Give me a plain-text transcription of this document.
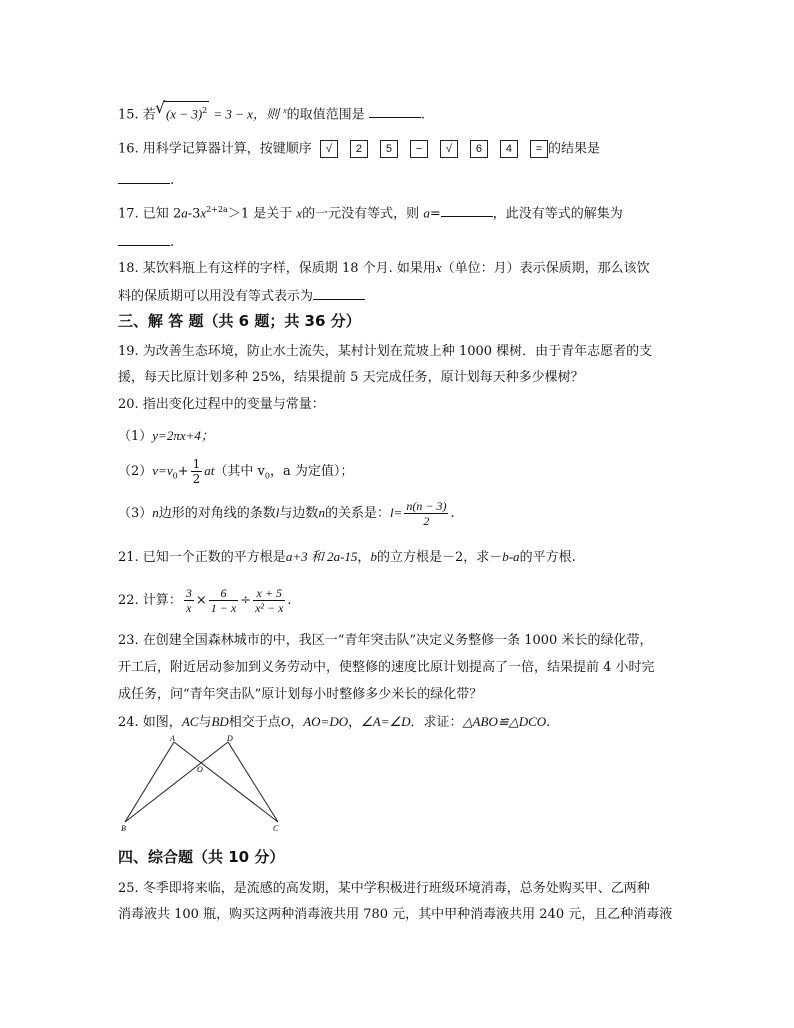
15. 若 √ $(x - 3)^2 = 3 - x$，则 $^x$的取值范围是	.
16. 用科学记算器计算，按键顺序 √ 2 5 − √ 6 4 = 的结果是
.
17. 已知 $2a-3x^{2+2a}>1$ 是关于 x的一元没有等式，则 a=	，此没有等式的解集为
.
18. 某饮料瓶上有这样的字样，保质期 18 个月. 如果用x（单位：月）表示保质期，那么该饮
料的保质期可以用没有等式表示为
三、解 答 题（共 6 题；共 36 分）
19. 为改善生态环境，防止水土流失，某村计划在荒坡上种 1000 棵树．由于青年志愿者的支
援，每天比原计划多种 25%，结果提前 5 天完成任务，原计划每天种多少棵树？
20. 指出变化过程中的变量与常量：
（1）y=2πx+4；
$(2)v=v_0+ \frac{1}{2} at$（其中 $v_0$，a 为定值）；
（3）n边形的对角线的条数l与边数n的关系是：$l= \frac{n(n - 3)}{2}$ .
21. 已知一个正数的平方根是a+3 和 2a-15，b的立方根是－2，求－b-a的平方根.
22. 计算： $\frac{3}{x} \times \frac{6}{1 - x} \div \frac{x + 5}{\text{x² − x}}$ .
23. 在创建全国森林城市的中，我区一“青年突击队”决定义务整修一条 1000 米长的绿化带，
开工后，附近居动参加到义务劳动中，使整修的速度比原计划提高了一倍，结果提前 4 小时完
成任务，问“青年突击队”原计划每小时整修多少米长的绿化带？
24. 如图，AC与BD相交于点O，AO=DO，∠A=∠D．求证：△ABO≌△DCO.
A	D
O
B	C
四、综合题（共 10 分）
25. 冬季即将来临，是流感的高发期，某中学积极进行班级环境消毒，总务处购买甲、乙两种
消毒液共 100 瓶，购买这两种消毒液共用 780 元，其中甲种消毒液共用 240 元，且乙种消毒液
